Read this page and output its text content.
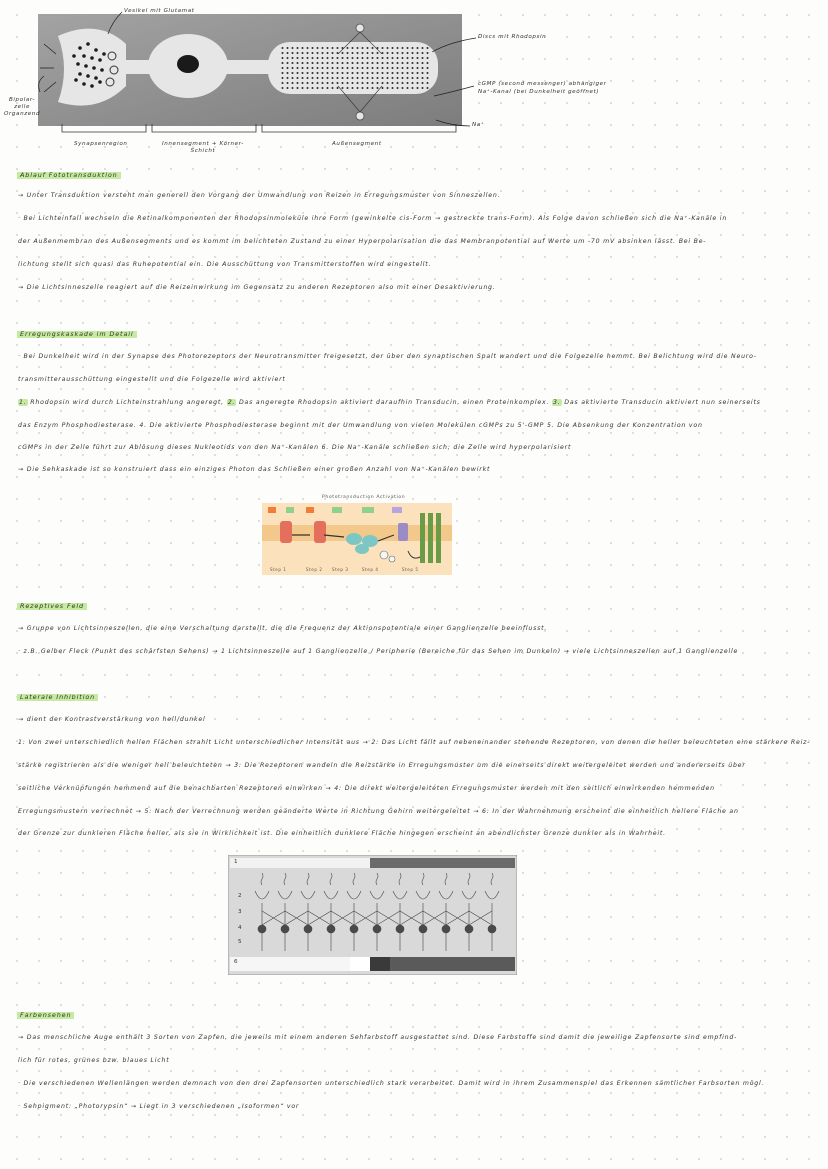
Vesikel mit Glutamat
Bipolar-
zelle
Organzend
Discs mit Rhodopsin
cGMP (second messenger) abhängiger
Na⁺-Kanal (bei Dunkelheit geöffnet)
Na⁺
Synapsenregion	Innensegment + Körner-
Schicht
Außensegment
Ablauf Fototransduktion
→ Unter Transduktion versteht man generell den Vorgang der Umwandlung von Reizen in Erregungsmuster von Sinneszellen.
· Bei Lichteinfall wechseln die Retinalkomponenten der Rhodopsinmoleküle ihre Form (gewinkelte cis-Form → gestreckte trans-Form). Als Folge davon schließen sich die Na⁺-Kanäle in
der Außenmembran des Außensegments und es kommt im belichteten Zustand zu einer Hyperpolarisation die das Membranpotential auf Werte um -70 mV absinken lässt. Bei Be-
lichtung stellt sich quasi das Ruhepotential ein. Die Ausschüttung von Transmitterstoffen wird eingestellt.
→ Die Lichtsinneszelle reagiert auf die Reizeinwirkung im Gegensatz zu anderen Rezeptoren also mit einer Desaktivierung.
Erregungskaskade im Detail
· Bei Dunkelheit wird in der Synapse des Photorezeptors der Neurotransmitter freigesetzt, der über den synaptischen Spalt wandert und die Folgezelle hemmt. Bei Belichtung wird die Neuro-
transmitterausschüttung eingestellt und die Folgezelle wird aktiviert
1. Rhodopsin wird durch Lichteinstrahlung angeregt, 2. Das angeregte Rhodopsin aktiviert daraufhin Transducin, einen Proteinkomplex. 3. Das aktivierte Transducin aktiviert nun seinerseits
das Enzym Phosphodiesterase. 4. Die aktivierte Phosphodiesterase beginnt mit der Umwandlung von vielen Molekülen cGMPs zu 5'-GMP 5. Die Absenkung der Konzentration von
cGMPs in der Zelle führt zur Ablösung dieses Nukleotids von den Na⁺-Kanälen 6. Die Na⁺-Kanäle schließen sich; die Zelle wird hyperpolarisiert
→ Die Sehkaskade ist so konstruiert dass ein einziges Photon das Schließen einer großen Anzahl von Na⁺-Kanälen bewirkt
Phototransduction Activation
Step 1	Step 2 Step 3	Step 4	Step 5
Rezeptives Feld
→ Gruppe von Lichtsinneszellen, die eine Verschaltung darstellt, die die Frequenz der Aktionspotentiale einer Ganglienzelle beeinflusst.
· z.B. Gelber Fleck (Punkt des schärfsten Sehens) → 1 Lichtsinneszelle auf 1 Ganglienzelle / Peripherie (Bereiche für das Sehen im Dunkeln) → viele Lichtsinneszellen auf 1 Ganglienzelle
Laterale Inhibition
→ dient der Kontrastverstärkung von hell/dunkel
1: Von zwei unterschiedlich hellen Flächen strahlt Licht unterschiedlicher Intensität aus → 2: Das Licht fällt auf nebeneinander stehende Rezeptoren, von denen die heller beleuchteten eine stärkere Reiz-
stärke registrieren als die weniger hell beleuchteten → 3: Die Rezeptoren wandeln die Reizstärke in Erregungsmuster um die einerseits direkt weitergeleitet werden und andererseits über
seitliche Verknüpfungen hemmend auf die benachbarten Rezeptoren einwirken → 4: Die direkt weitergeleiteten Erregungsmuster werden mit den seitlich einwirkenden hemmenden
Erregungsmustern verrechnet → 5: Nach der Verrechnung werden geänderte Werte in Richtung Gehirn weitergeleitet → 6: In der Wahrnehmung erscheint die einheitlich hellere Fläche an
der Grenze zur dunkleren Fläche heller, als sie in Wirklichkeit ist. Die einheitlich dunklere Fläche hingegen erscheint an abendlichster Grenze dunkler als in Wahrheit.
1
2
3
4
5
6
Farbensehen
→ Das menschliche Auge enthält 3 Sorten von Zapfen, die jeweils mit einem anderen Sehfarbstoff ausgestattet sind. Diese Farbstoffe sind damit die jeweilige Zapfensorte sind empfind-
lich für rotes, grünes bzw. blaues Licht
· Die verschiedenen Wellenlängen werden demnach von den drei Zapfensorten unterschiedlich stark verarbeitet. Damit wird in ihrem Zusammenspiel das Erkennen sämtlicher Farbsorten mögl.
· Sehpigment: „Photorypsin“ → Liegt in 3 verschiedenen „Isoformen“ vor
